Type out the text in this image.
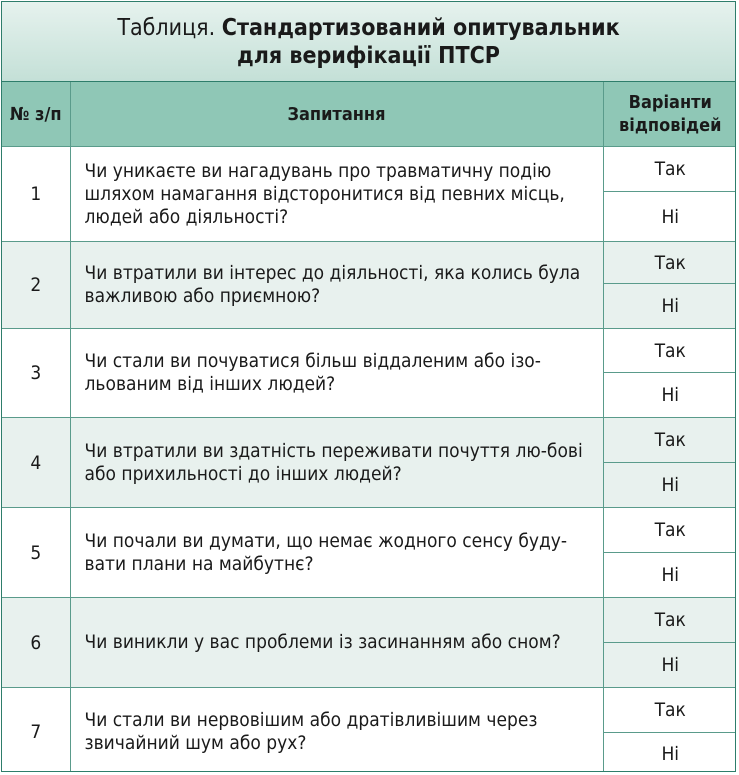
Таблиця. Стандартизований опитувальник
для верифікації ПТСР
№ з/п	Запитання	Варіанти відповідей
1	Чи уникаєте ви нагадувань про травматичну подію шляхом намагання відсторонитися від певних місць, людей або діяльності?	Так
		Ні
2	Чи втратили ви інтерес до діяльності, яка колись була важливою або приємною?	Так
		Ні
3	Чи стали ви почуватися більш віддаленим або ізо-льованим від інших людей?	Так
		Ні
4	Чи втратили ви здатність переживати почуття лю-бові або прихильності до інших людей?	Так
		Ні
5	Чи почали ви думати, що немає жодного сенсу буду-вати плани на майбутнє?	Так
		Ні
6	Чи виникли у вас проблеми із засинанням або сном?	Так
		Ні
7	Чи стали ви нервовішим або дратівливішим через звичайний шум або рух?	Так
		Ні
